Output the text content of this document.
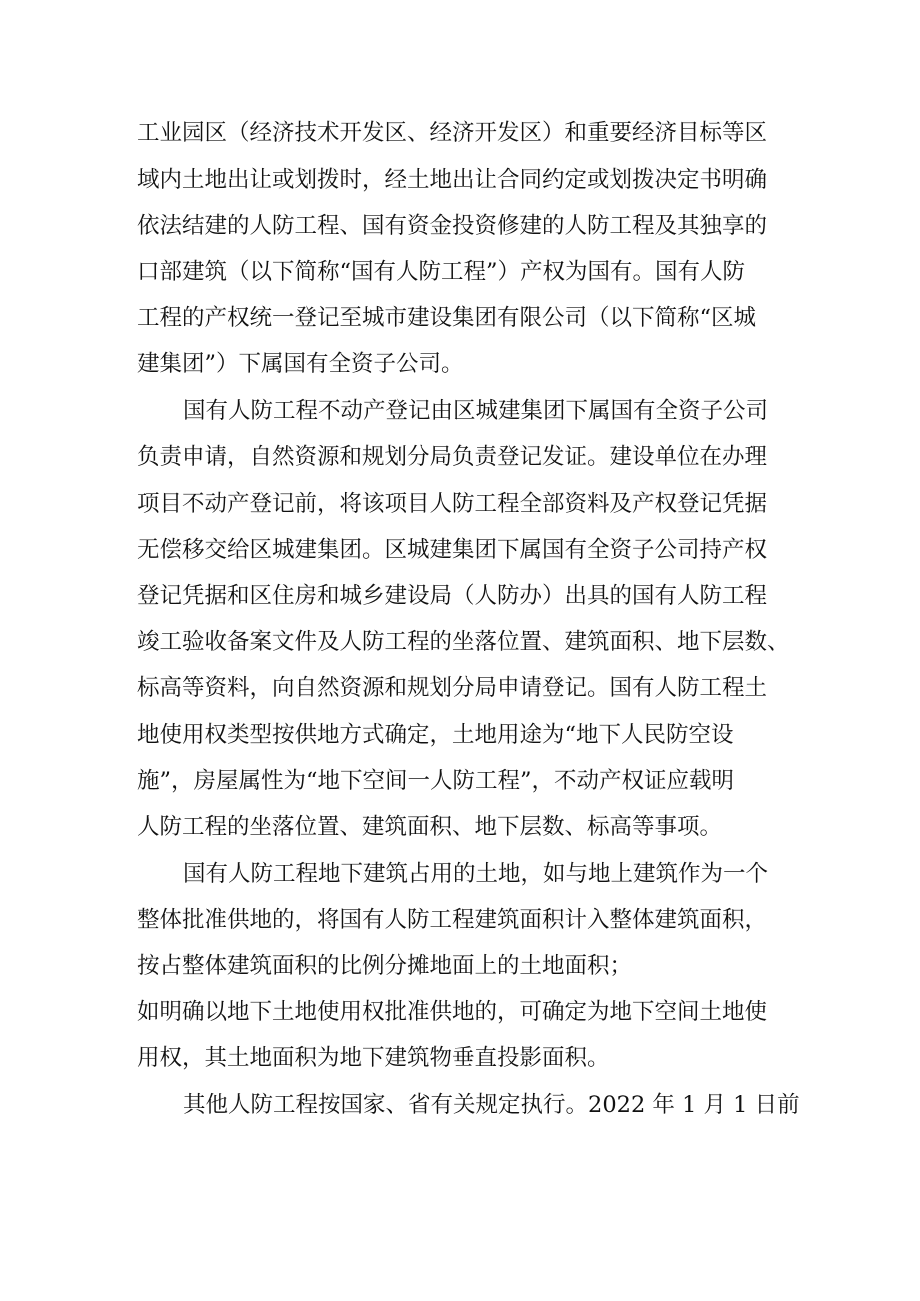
工业园区（经济技术开发区、经济开发区）和重要经济目标等区
域内土地出让或划拨时，经土地出让合同约定或划拨决定书明确
依法结建的人防工程、国有资金投资修建的人防工程及其独享的
口部建筑（以下简称“国有人防工程”）产权为国有。国有人防
工程的产权统一登记至城市建设集团有限公司（以下简称“区城
建集团”）下属国有全资子公司。
国有人防工程不动产登记由区城建集团下属国有全资子公司
负责申请，自然资源和规划分局负责登记发证。建设单位在办理
项目不动产登记前，将该项目人防工程全部资料及产权登记凭据
无偿移交给区城建集团。区城建集团下属国有全资子公司持产权
登记凭据和区住房和城乡建设局（人防办）出具的国有人防工程
竣工验收备案文件及人防工程的坐落位置、建筑面积、地下层数、
标高等资料，向自然资源和规划分局申请登记。国有人防工程土
地使用权类型按供地方式确定，土地用途为“地下人民防空设
施”，房屋属性为“地下空间一人防工程”，不动产权证应载明
人防工程的坐落位置、建筑面积、地下层数、标高等事项。
国有人防工程地下建筑占用的土地，如与地上建筑作为一个
整体批准供地的，将国有人防工程建筑面积计入整体建筑面积，
按占整体建筑面积的比例分摊地面上的土地面积；
如明确以地下土地使用权批准供地的，可确定为地下空间土地使
用权，其土地面积为地下建筑物垂直投影面积。
其他人防工程按国家、省有关规定执行。2022 年 1 月 1 日前
